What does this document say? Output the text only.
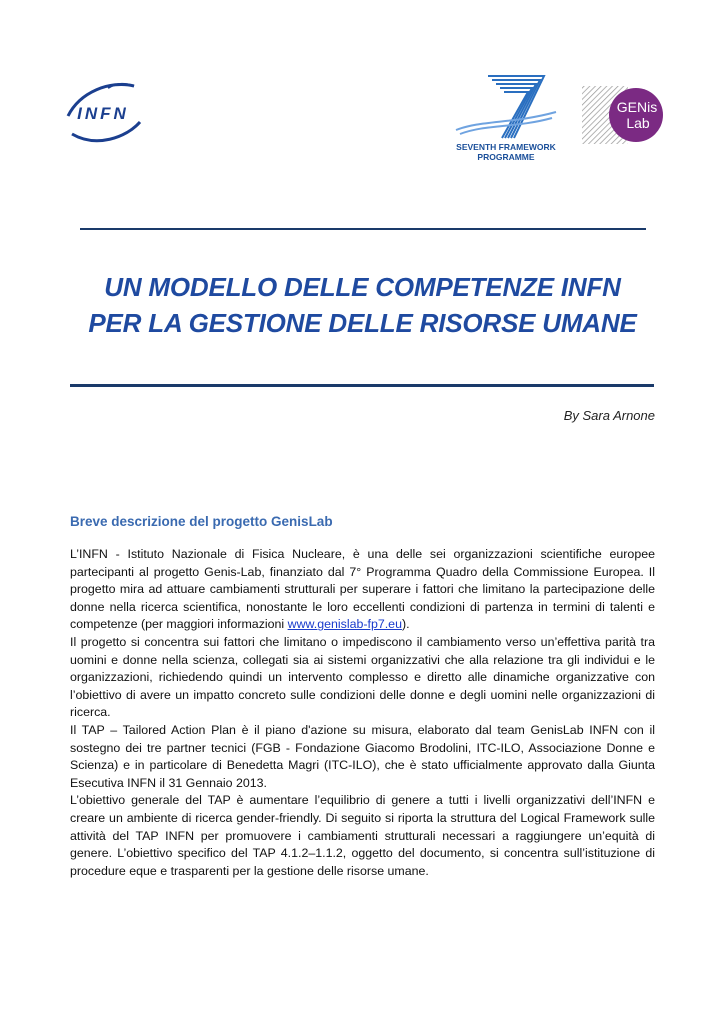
INFN
SEVENTH FRAMEWORK
PROGRAMME
GENis
Lab
UN MODELLO DELLE COMPETENZE INFN
PER LA GESTIONE DELLE RISORSE UMANE
By Sara Arnone
Breve descrizione del progetto GenisLab

L’INFN - Istituto Nazionale di Fisica Nucleare, è una delle sei organizzazioni scientifiche europee partecipanti al progetto Genis-Lab, finanziato dal 7° Programma Quadro della Commissione Europea. Il progetto mira ad attuare cambiamenti strutturali per superare i fattori che limitano la partecipazione delle donne nella ricerca scientifica, nonostante le loro eccellenti condizioni di partenza in termini di talenti e competenze (per maggiori informazioni www.genislab-fp7.eu).

Il progetto si concentra sui fattori che limitano o impediscono il cambiamento verso un’effettiva parità tra uomini e donne nella scienza, collegati sia ai sistemi organizzativi che alla relazione tra gli individui e le organizzazioni, richiedendo quindi un intervento complesso e diretto alle dinamiche organizzative con l’obiettivo di avere un impatto concreto sulle condizioni delle donne e degli uomini nelle organizzazioni di ricerca.

Il TAP – Tailored Action Plan è il piano d'azione su misura, elaborato dal team GenisLab INFN con il sostegno dei tre partner tecnici (FGB - Fondazione Giacomo Brodolini, ITC-ILO, Associazione Donne e Scienza) e in particolare di Benedetta Magri (ITC-ILO), che è stato ufficialmente approvato dalla Giunta Esecutiva INFN il 31 Gennaio 2013.

L’obiettivo generale del TAP è aumentare l’equilibrio di genere a tutti i livelli organizzativi dell’INFN e creare un ambiente di ricerca gender-friendly. Di seguito si riporta la struttura del Logical Framework sulle attività del TAP INFN per promuovere i cambiamenti strutturali necessari a raggiungere un’equità di genere. L’obiettivo specifico del TAP 4.1.2–1.1.2, oggetto del documento, si concentra sull’istituzione di procedure eque e trasparenti per la gestione delle risorse umane.
